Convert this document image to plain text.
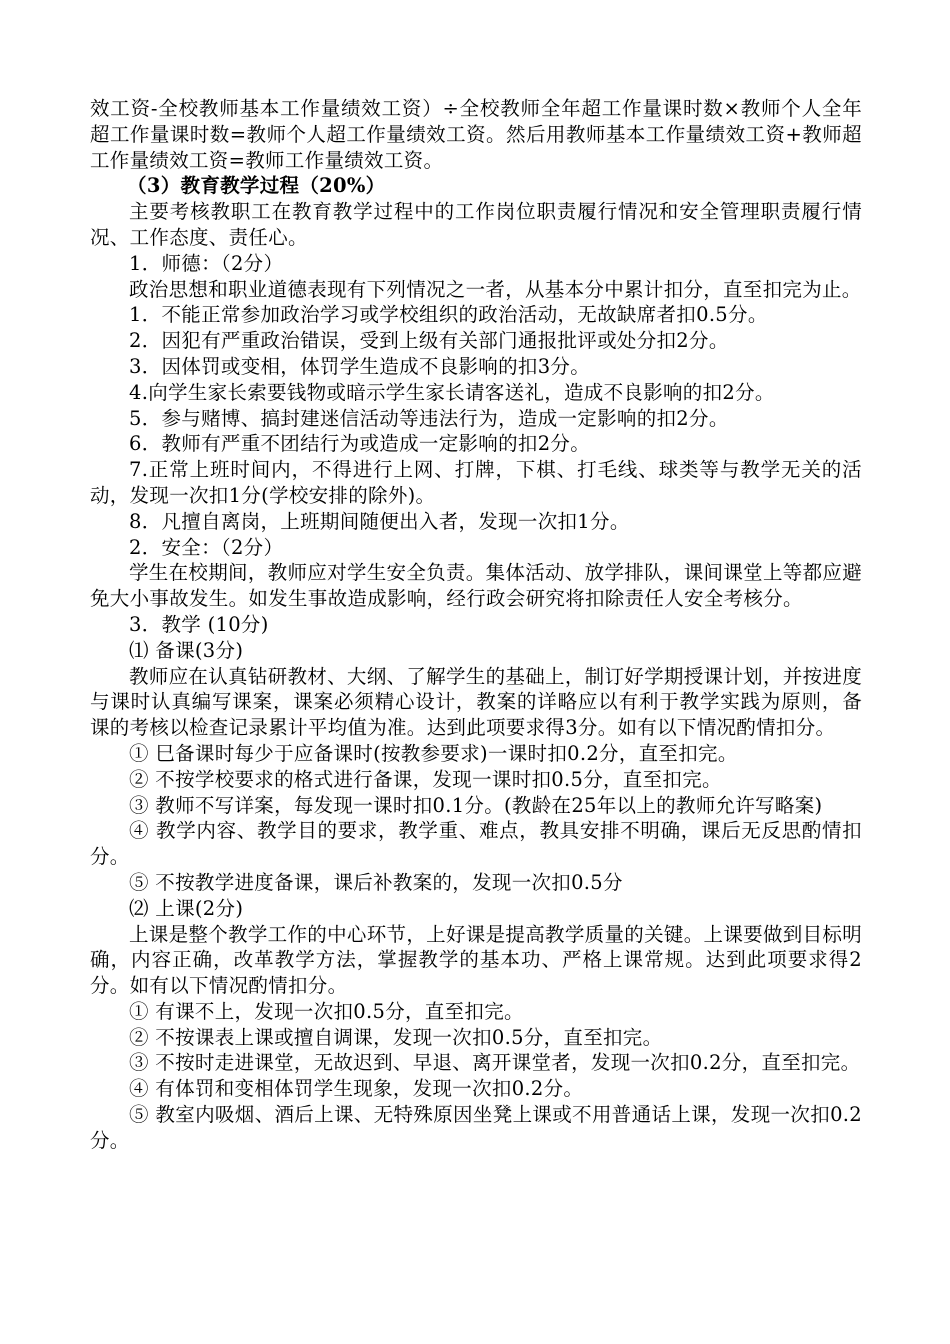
效工资-全校教师基本工作量绩效工资）÷全校教师全年超工作量课时数×教师个人全年超工作量课时数=教师个人超工作量绩效工资。然后用教师基本工作量绩效工资+教师超工作量绩效工资=教师工作量绩效工资。

（3）教育教学过程（20%）

主要考核教职工在教育教学过程中的工作岗位职责履行情况和安全管理职责履行情况、工作态度、责任心。

1．师德：（2分）

政治思想和职业道德表现有下列情况之一者，从基本分中累计扣分，直至扣完为止。

1．不能正常参加政治学习或学校组织的政治活动，无故缺席者扣0.5分。

2．因犯有严重政治错误，受到上级有关部门通报批评或处分扣2分。

3．因体罚或变相，体罚学生造成不良影响的扣3分。

4.向学生家长索要钱物或暗示学生家长请客送礼，造成不良影响的扣2分。

5．参与赌博、搞封建迷信活动等违法行为，造成一定影响的扣2分。

6．教师有严重不团结行为或造成一定影响的扣2分。

7.正常上班时间内，不得进行上网、打牌，下棋、打毛线、球类等与教学无关的活动，发现一次扣1分(学校安排的除外)。

8．凡擅自离岗，上班期间随便出入者，发现一次扣1分。

2．安全：（2分）

学生在校期间，教师应对学生安全负责。集体活动、放学排队，课间课堂上等都应避免大小事故发生。如发生事故造成影响，经行政会研究将扣除责任人安全考核分。

3．教学 (10分)

⑴ 备课(3分)

教师应在认真钻研教材、大纲、了解学生的基础上，制订好学期授课计划，并按进度与课时认真编写课案，课案必须精心设计，教案的详略应以有利于教学实践为原则，备课的考核以检查记录累计平均值为准。达到此项要求得3分。如有以下情况酌情扣分。

① 巳备课时每少于应备课时(按教参要求)一课时扣0.2分，直至扣完。

② 不按学校要求的格式进行备课，发现一课时扣0.5分，直至扣完。

③ 教师不写详案，每发现一课时扣0.1分。(教龄在25年以上的教师允许写略案)

④ 教学内容、教学目的要求，教学重、难点，教具安排不明确，课后无反思酌情扣分。

⑤ 不按教学进度备课，课后补教案的，发现一次扣0.5分

⑵ 上课(2分)

上课是整个教学工作的中心环节，上好课是提高教学质量的关键。上课要做到目标明确，内容正确，改革教学方法，掌握教学的基本功、严格上课常规。达到此项要求得2分。如有以下情况酌情扣分。

① 有课不上，发现一次扣0.5分，直至扣完。

② 不按课表上课或擅自调课，发现一次扣0.5分，直至扣完。

③ 不按时走进课堂，无故迟到、早退、离开课堂者，发现一次扣0.2分，直至扣完。

④ 有体罚和变相体罚学生现象，发现一次扣0.2分。

⑤ 教室内吸烟、酒后上课、无特殊原因坐凳上课或不用普通话上课，发现一次扣0.2分。
